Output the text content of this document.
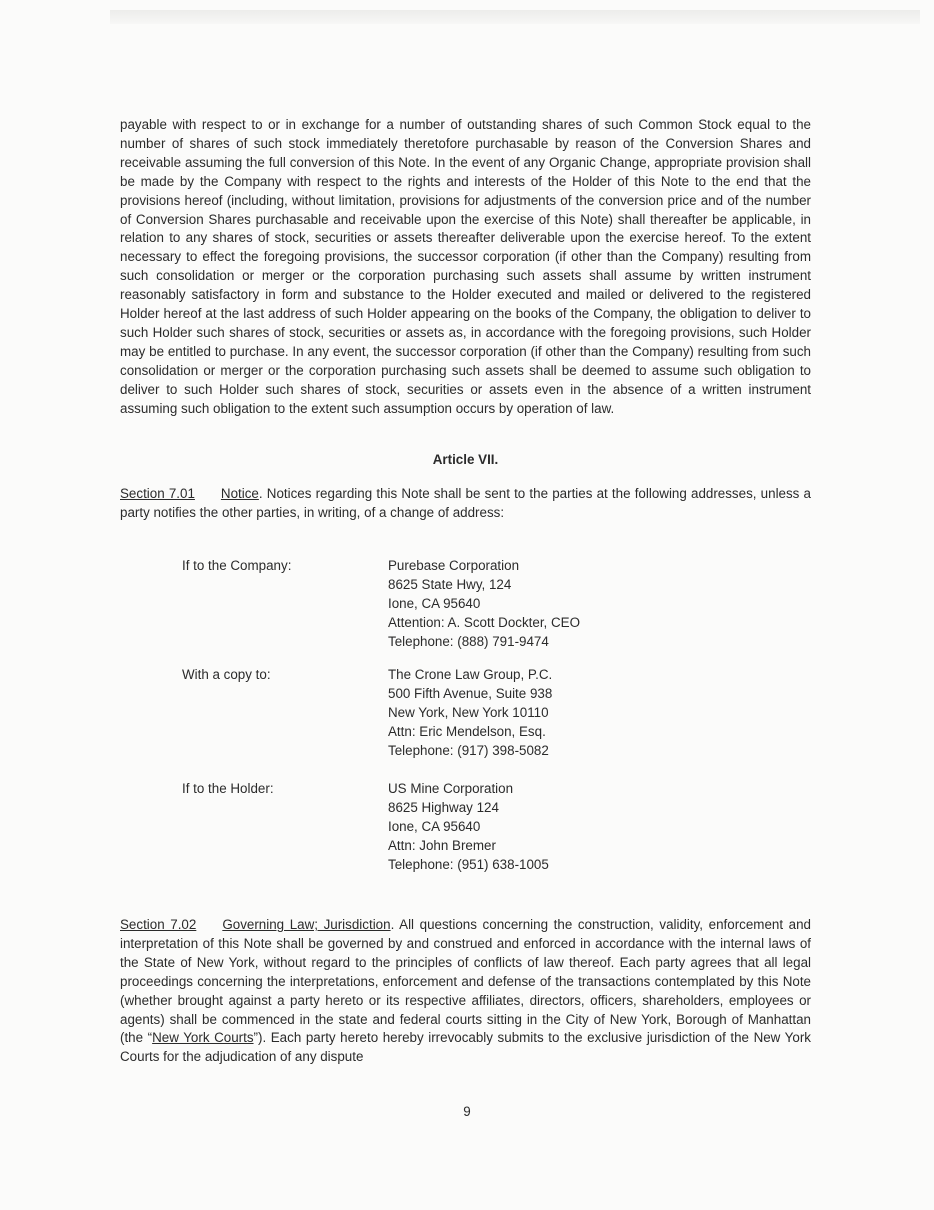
payable with respect to or in exchange for a number of outstanding shares of such Common Stock equal to the number of shares of such stock immediately theretofore purchasable by reason of the Conversion Shares and receivable assuming the full conversion of this Note. In the event of any Organic Change, appropriate provision shall be made by the Company with respect to the rights and interests of the Holder of this Note to the end that the provisions hereof (including, without limitation, provisions for adjustments of the conversion price and of the number of Conversion Shares purchasable and receivable upon the exercise of this Note) shall thereafter be applicable, in relation to any shares of stock, securities or assets thereafter deliverable upon the exercise hereof. To the extent necessary to effect the foregoing provisions, the successor corporation (if other than the Company) resulting from such consolidation or merger or the corporation purchasing such assets shall assume by written instrument reasonably satisfactory in form and substance to the Holder executed and mailed or delivered to the registered Holder hereof at the last address of such Holder appearing on the books of the Company, the obligation to deliver to such Holder such shares of stock, securities or assets as, in accordance with the foregoing provisions, such Holder may be entitled to purchase. In any event, the successor corporation (if other than the Company) resulting from such consolidation or merger or the corporation purchasing such assets shall be deemed to assume such obligation to deliver to such Holder such shares of stock, securities or assets even in the absence of a written instrument assuming such obligation to the extent such assumption occurs by operation of law.

Article VII.

Section 7.01 Notice. Notices regarding this Note shall be sent to the parties at the following addresses, unless a party notifies the other parties, in writing, of a change of address:

If to the Company:	Purebase Corporation
8625 State Hwy, 124
Ione, CA 95640
Attention: A. Scott Dockter, CEO
Telephone: (888) 791-9474
With a copy to:	The Crone Law Group, P.C.
500 Fifth Avenue, Suite 938
New York, New York 10110
Attn: Eric Mendelson, Esq.
Telephone: (917) 398-5082
If to the Holder:	US Mine Corporation
8625 Highway 124
Ione, CA 95640
Attn: John Bremer
Telephone: (951) 638-1005

Section 7.02 Governing Law; Jurisdiction. All questions concerning the construction, validity, enforcement and interpretation of this Note shall be governed by and construed and enforced in accordance with the internal laws of the State of New York, without regard to the principles of conflicts of law thereof. Each party agrees that all legal proceedings concerning the interpretations, enforcement and defense of the transactions contemplated by this Note (whether brought against a party hereto or its respective affiliates, directors, officers, shareholders, employees or agents) shall be commenced in the state and federal courts sitting in the City of New York, Borough of Manhattan (the “New York Courts”). Each party hereto hereby irrevocably submits to the exclusive jurisdiction of the New York Courts for the adjudication of any dispute

9
